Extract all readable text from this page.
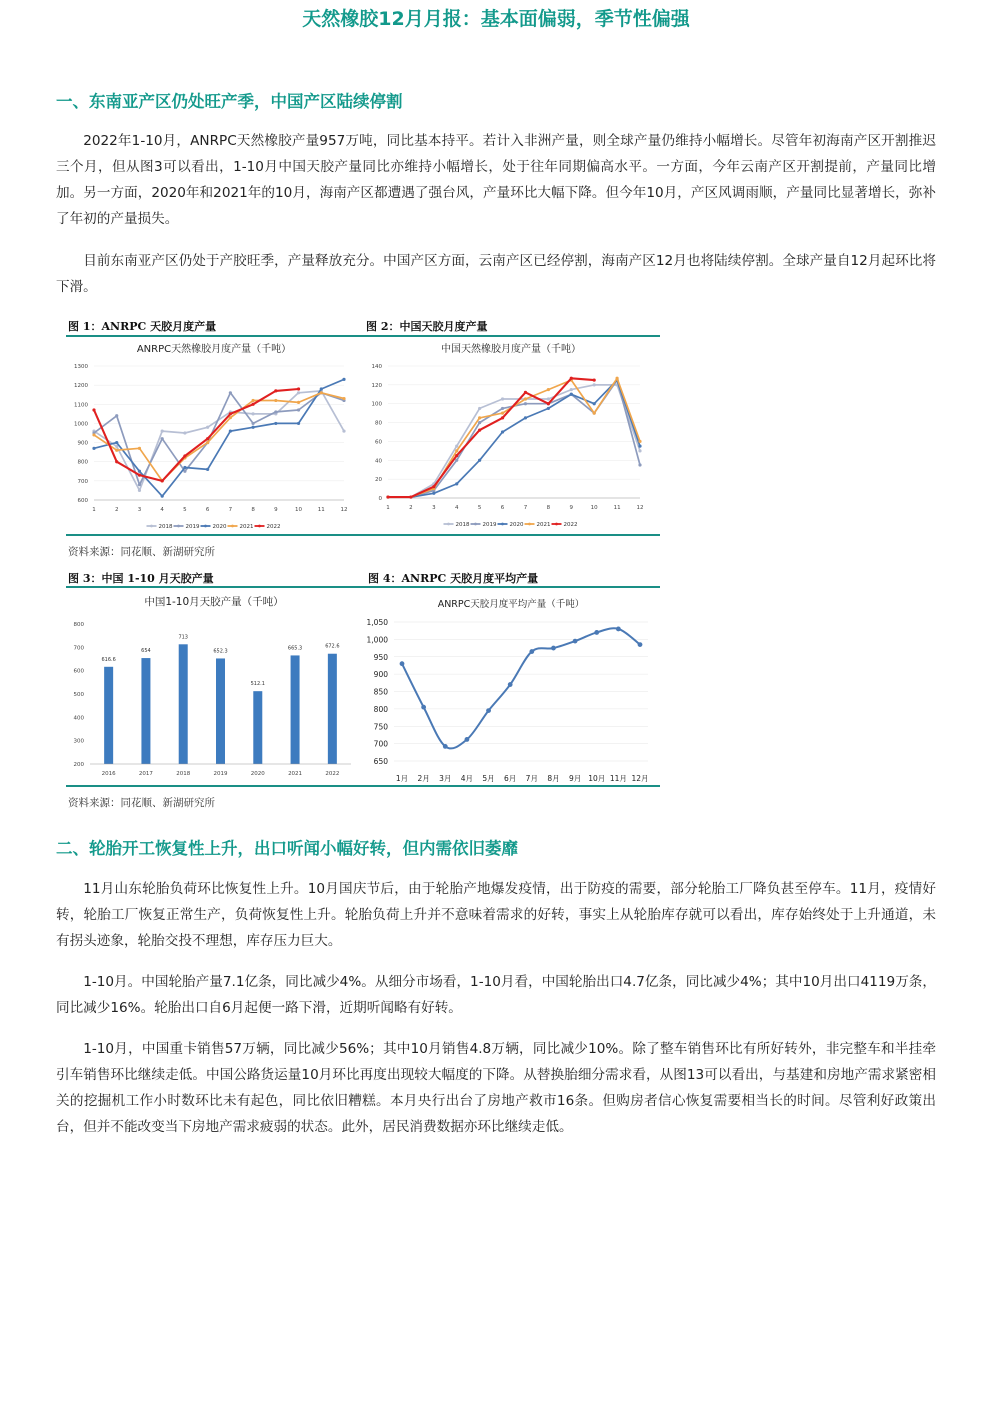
天然橡胶12月月报：基本面偏弱，季节性偏强
一、东南亚产区仍处旺产季，中国产区陆续停割

2022年1-10月，ANRPC天然橡胶产量957万吨，同比基本持平。若计入非洲产量，则全球产量仍维持小幅增长。尽管年初海南产区开割推迟三个月，但从图3可以看出，1-10月中国天胶产量同比亦维持小幅增长，处于往年同期偏高水平。一方面，今年云南产区开割提前，产量同比增加。另一方面，2020年和2021年的10月，海南产区都遭遇了强台风，产量环比大幅下降。但今年10月，产区风调雨顺，产量同比显著增长，弥补了年初的产量损失。

目前东南亚产区仍处于产胶旺季，产量释放充分。中国产区方面，云南产区已经停割，海南产区12月也将陆续停割。全球产量自12月起环比将下滑。

图 1：ANRPC 天胶月度产量	图 2：中国天胶月度产量
ANRPC天然橡胶月度产量（千吨）
600
700
800
900
1000
1100
1200
1300
1	2	3	4	5	6	7	8	9	10	11	12
2018 2019 2020 2021 2022
中国天然橡胶月度产量（千吨）
0
20
40
60
80
100
120
140
1	2	3	4	5	6	7	8	9	10	11	12
2018 2019 2020 2021 2022
资料来源：同花顺、新湖研究所
图 3：中国 1-10 月天胶产量	图 4：ANRPC 天胶月度平均产量
中国1-10月天胶产量（千吨）
200
300
400
500
600
700
800
616.6
2016
654
2017
713
2018
652.3
2019
512.1
2020
665.3
2021
672.6
2022
ANRPC天胶月度平均产量（千吨）
650
700
750
800
850
900
950
1,000
1,050
1月 2月 3月 4月 5月 6月 7月 8月 9月 10月 11月 12月
资料来源：同花顺、新湖研究所
二、轮胎开工恢复性上升，出口听闻小幅好转，但内需依旧萎靡

11月山东轮胎负荷环比恢复性上升。10月国庆节后，由于轮胎产地爆发疫情，出于防疫的需要，部分轮胎工厂降负甚至停车。11月，疫情好转，轮胎工厂恢复正常生产，负荷恢复性上升。轮胎负荷上升并不意味着需求的好转，事实上从轮胎库存就可以看出，库存始终处于上升通道，未有拐头迹象，轮胎交投不理想，库存压力巨大。

1-10月。中国轮胎产量7.1亿条，同比减少4%。从细分市场看，1-10月看，中国轮胎出口4.7亿条，同比减少4%；其中10月出口4119万条，同比减少16%。轮胎出口自6月起便一路下滑，近期听闻略有好转。

1-10月，中国重卡销售57万辆，同比减少56%；其中10月销售4.8万辆，同比减少10%。除了整车销售环比有所好转外，非完整车和半挂牵引车销售环比继续走低。中国公路货运量10月环比再度出现较大幅度的下降。从替换胎细分需求看，从图13可以看出，与基建和房地产需求紧密相关的挖掘机工作小时数环比未有起色，同比依旧糟糕。本月央行出台了房地产救市16条。但购房者信心恢复需要相当长的时间。尽管利好政策出台，但并不能改变当下房地产需求疲弱的状态。此外，居民消费数据亦环比继续走低。
